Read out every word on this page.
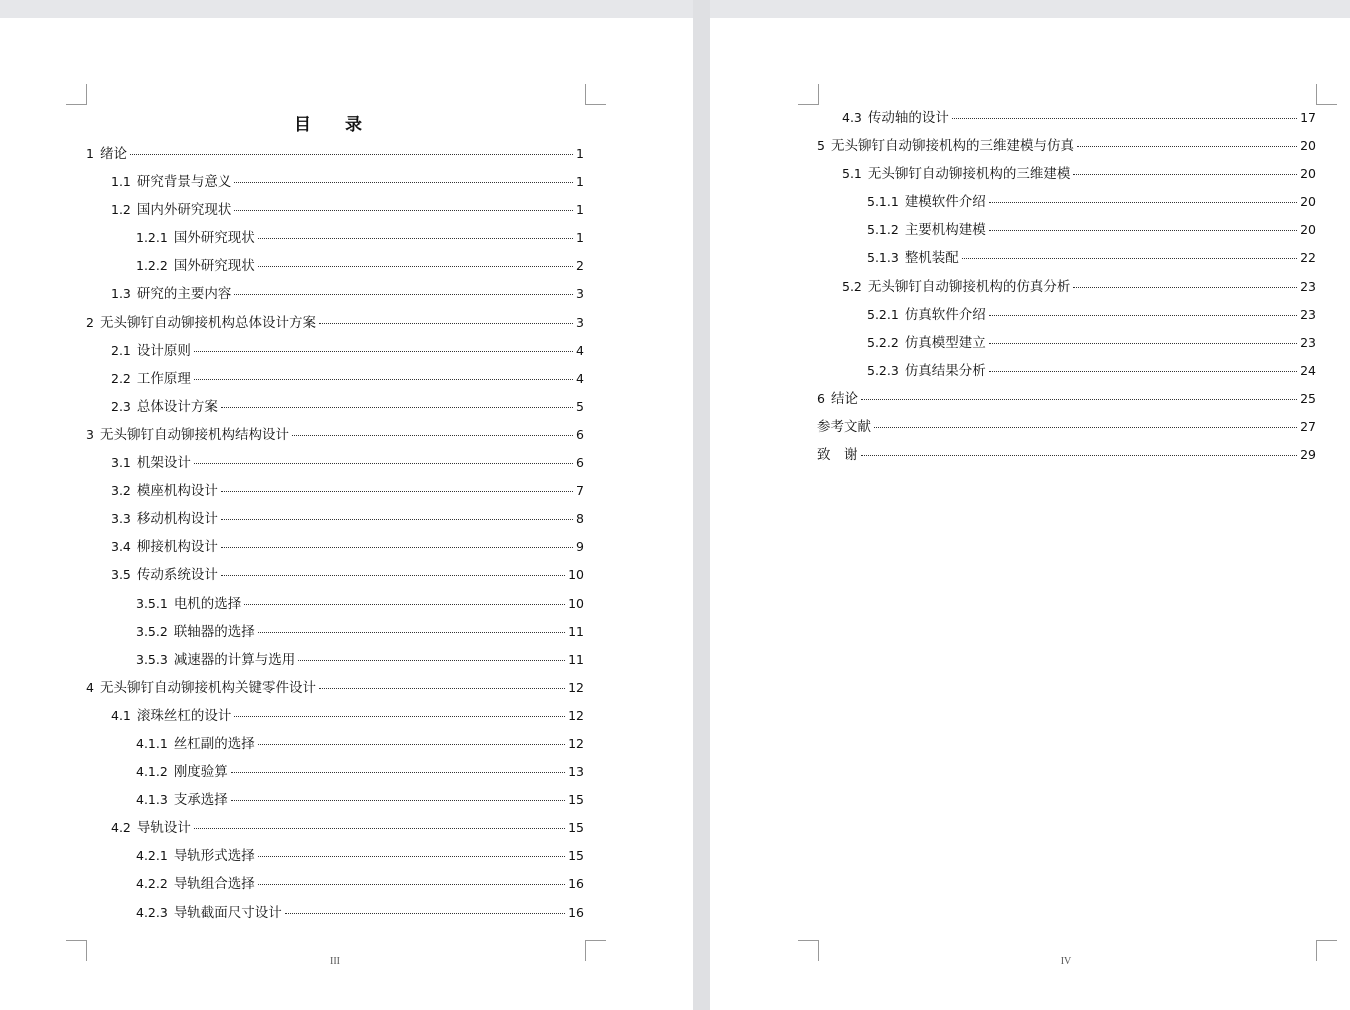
目 录
1 绪论	1
1.1 研究背景与意义	1
1.2 国内外研究现状	1
1.2.1 国外研究现状	1
1.2.2 国外研究现状	2
1.3 研究的主要内容	3
2 无头铆钉自动铆接机构总体设计方案	3
2.1 设计原则	4
2.2 工作原理	4
2.3 总体设计方案	5
3 无头铆钉自动铆接机构结构设计	6
3.1 机架设计	6
3.2 模座机构设计	7
3.3 移动机构设计	8
3.4 柳接机构设计	9
3.5 传动系统设计	10
3.5.1 电机的选择	10
3.5.2 联轴器的选择	11
3.5.3 减速器的计算与选用	11
4 无头铆钉自动铆接机构关键零件设计	12
4.1 滚珠丝杠的设计	12
4.1.1 丝杠副的选择	12
4.1.2 刚度验算	13
4.1.3 支承选择	15
4.2 导轨设计	15
4.2.1 导轨形式选择	15
4.2.2 导轨组合选择	16
4.2.3 导轨截面尺寸设计	16
III
4.3 传动轴的设计	17
5 无头铆钉自动铆接机构的三维建模与仿真	20
5.1 无头铆钉自动铆接机构的三维建模	20
5.1.1 建模软件介绍	20
5.1.2 主要机构建模	20
5.1.3 整机装配	22
5.2 无头铆钉自动铆接机构的仿真分析	23
5.2.1 仿真软件介绍	23
5.2.2 仿真模型建立	23
5.2.3 仿真结果分析	24
6 结论	25
参考文献	27
致　谢	29
IV
